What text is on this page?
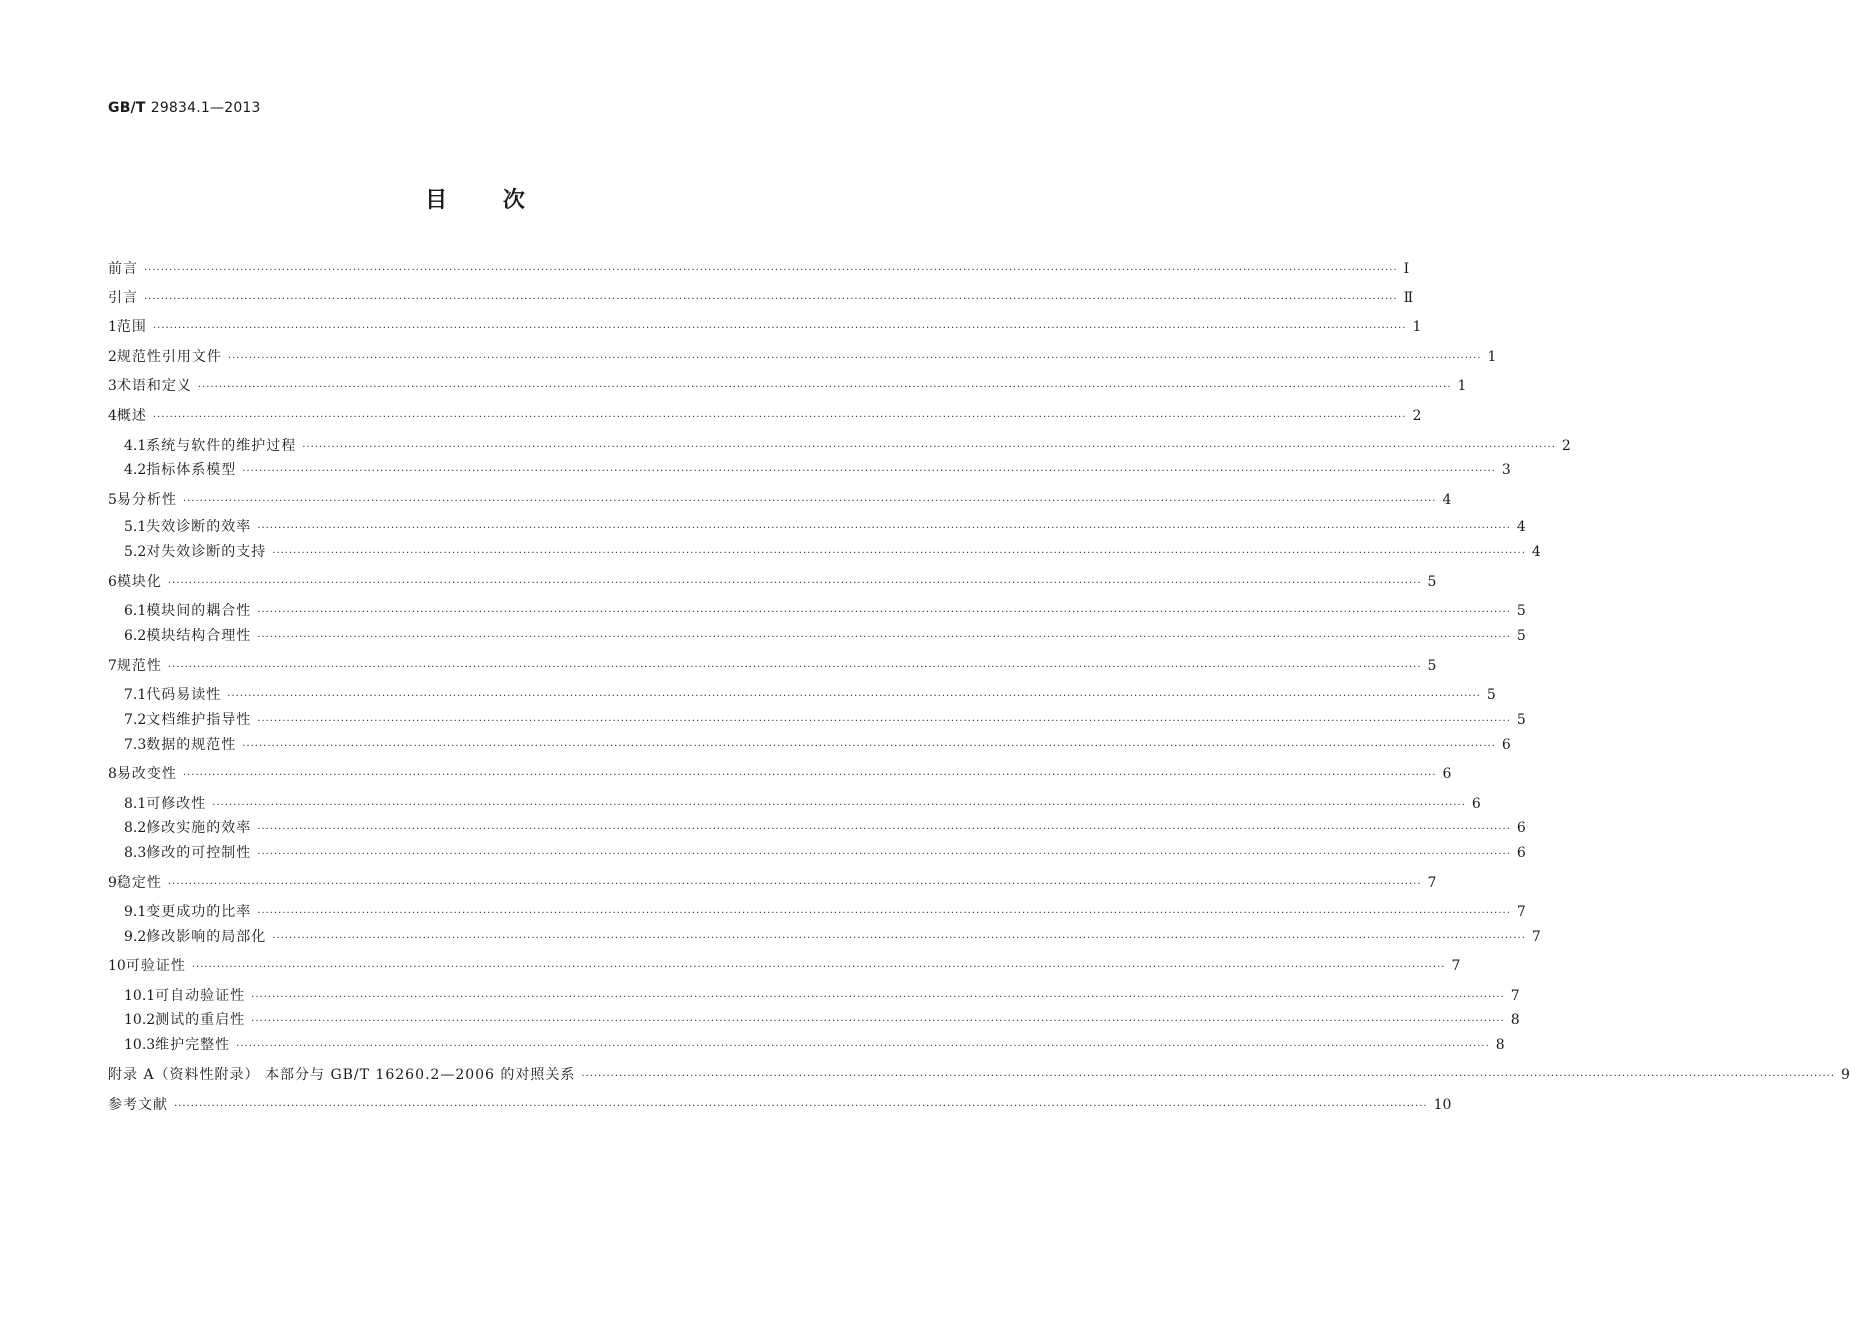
GB/T 29834.1—2013
目 次
前言 ············································································································································································································································································································ Ⅰ
引言 ············································································································································································································································································································ Ⅱ
1 范围 ············································································································································································································································································································ 1
2 规范性引用文件 ············································································································································································································································································································ 1
3 术语和定义 ············································································································································································································································································································ 1
4 概述 ············································································································································································································································································································ 2
4.1 系统与软件的维护过程 ············································································································································································································································································································ 2
4.2 指标体系模型 ············································································································································································································································································································ 3
5 易分析性 ············································································································································································································································································································ 4
5.1 失效诊断的效率 ············································································································································································································································································································ 4
5.2 对失效诊断的支持 ············································································································································································································································································································ 4
6 模块化 ············································································································································································································································································································ 5
6.1 模块间的耦合性 ············································································································································································································································································································ 5
6.2 模块结构合理性 ············································································································································································································································································································ 5
7 规范性 ············································································································································································································································································································ 5
7.1 代码易读性 ············································································································································································································································································································ 5
7.2 文档维护指导性 ············································································································································································································································································································ 5
7.3 数据的规范性 ············································································································································································································································································································ 6
8 易改变性 ············································································································································································································································································································ 6
8.1 可修改性 ············································································································································································································································································································ 6
8.2 修改实施的效率 ············································································································································································································································································································ 6
8.3 修改的可控制性 ············································································································································································································································································································ 6
9 稳定性 ············································································································································································································································································································ 7
9.1 变更成功的比率 ············································································································································································································································································································ 7
9.2 修改影响的局部化 ············································································································································································································································································································ 7
10 可验证性 ············································································································································································································································································································ 7
10.1 可自动验证性 ············································································································································································································································································································ 7
10.2 测试的重启性 ············································································································································································································································································································ 8
10.3 维护完整性 ············································································································································································································································································································ 8
附录 A（资料性附录） 本部分与 GB/T 16260.2—2006 的对照关系 ············································································································································································································································································································ 9
参考文献 ············································································································································································································································································································ 10
